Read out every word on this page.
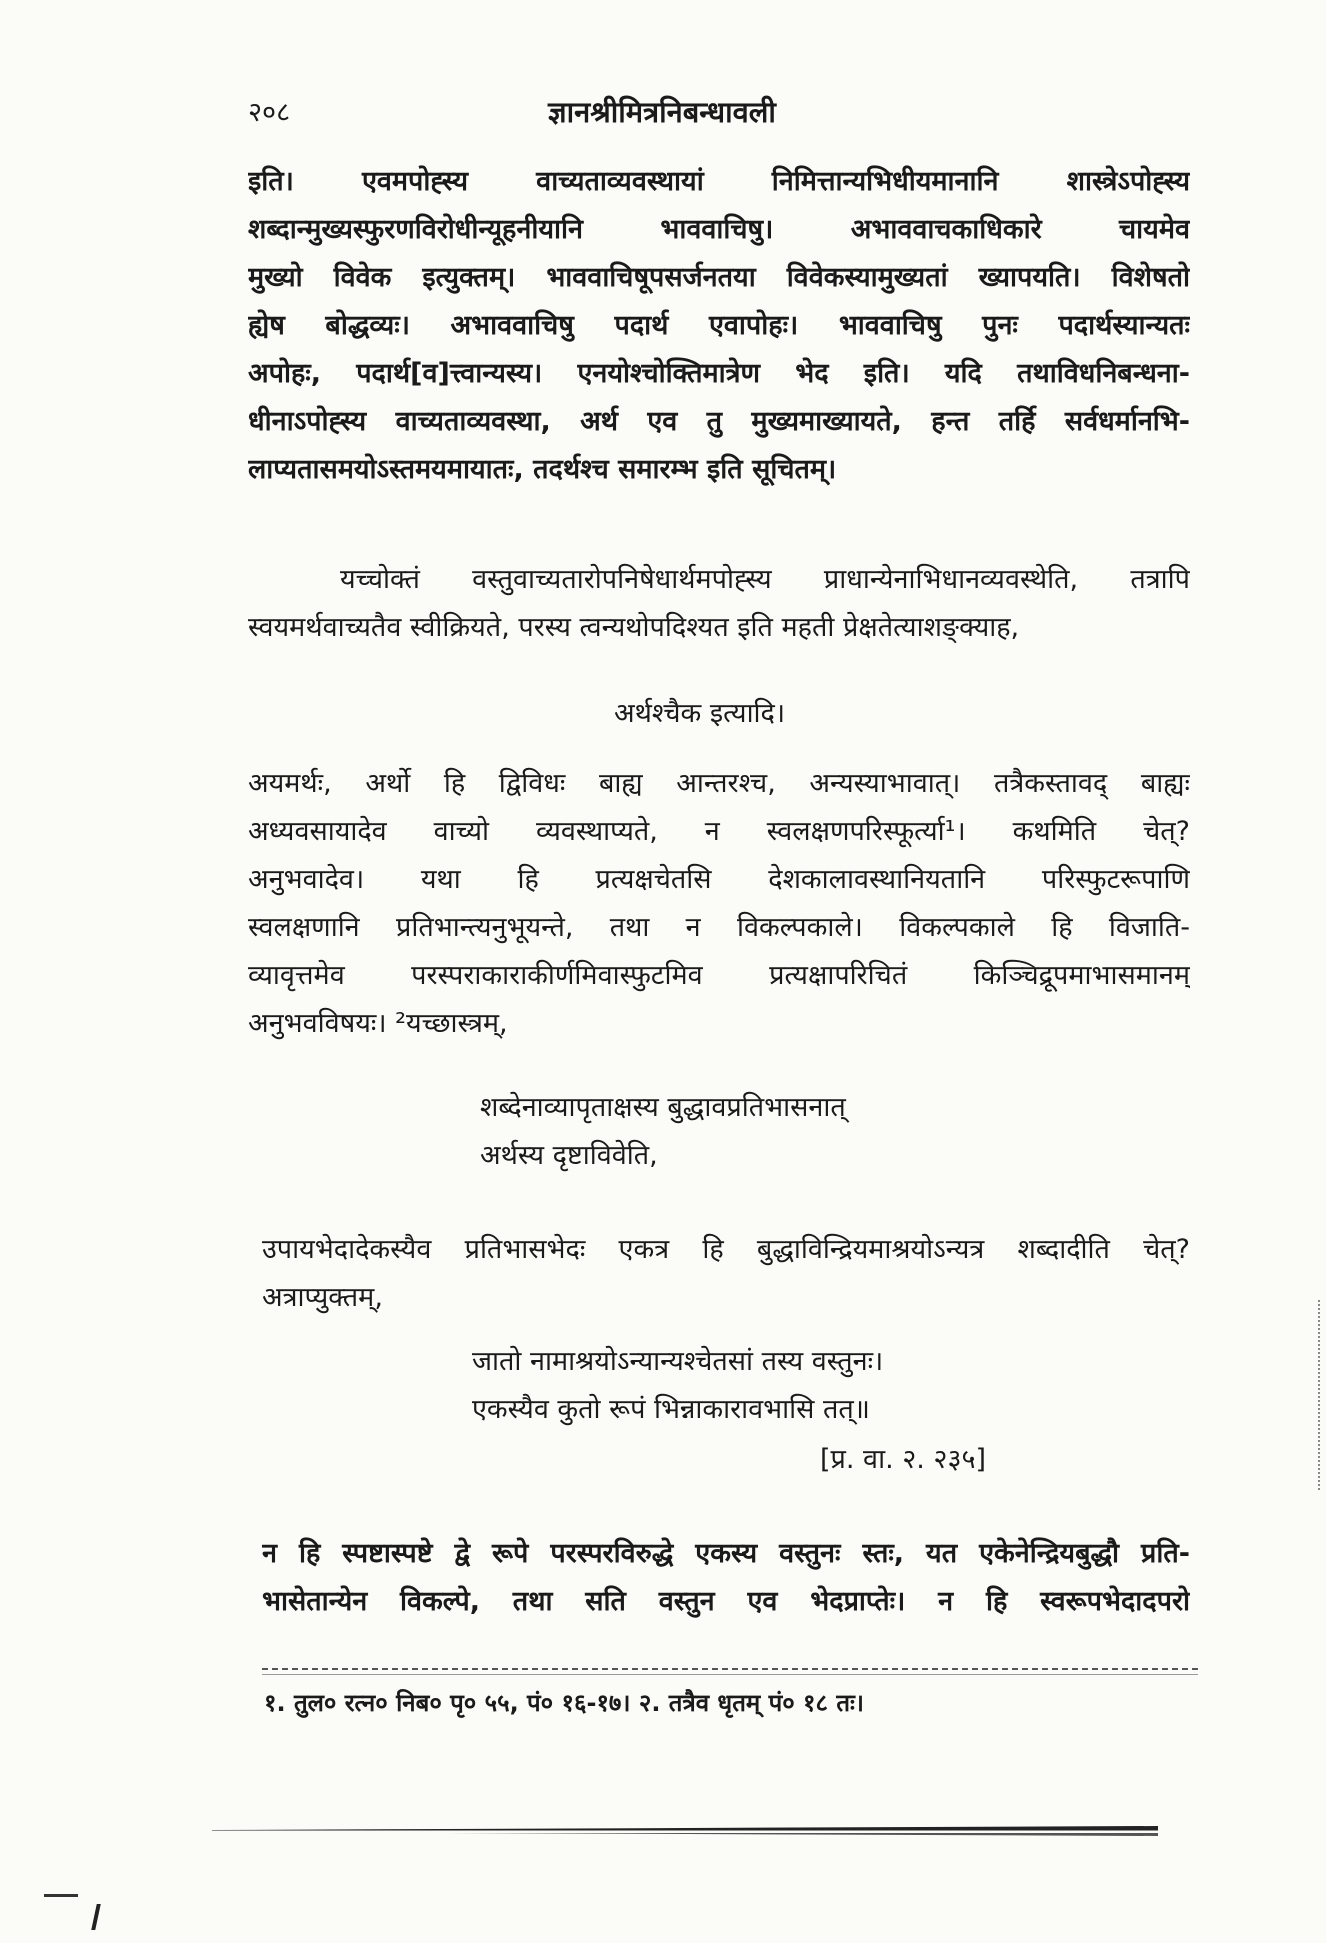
२०८	ज्ञानश्रीमित्रनिबन्धावली
इति। एवमपोह्स्य वाच्यताव्यवस्थायां निमित्तान्यभिधीयमानानि शास्त्रेऽपोह्स्य
शब्दान्मुख्यस्फुरणविरोधीन्यूहनीयानि भाववाचिषु। अभाववाचकाधिकारे चायमेव
मुख्यो विवेक इत्युक्तम्। भाववाचिषूपसर्जनतया विवेकस्यामुख्यतां ख्यापयति। विशेषतो
ह्येष बोद्धव्यः। अभाववाचिषु पदार्थ एवापोहः। भाववाचिषु पुनः पदार्थस्यान्यतः
अपोहः, पदार्थ[व]त्त्वान्यस्य। एनयोश्चोक्तिमात्रेण भेद इति। यदि तथाविधनिबन्धना-
धीनाऽपोह्स्य वाच्यताव्यवस्था, अर्थ एव तु मुख्यमाख्यायते, हन्त तर्हि सर्वधर्मानभि-
लाप्यतासमयोऽस्तमयमायातः, तदर्थश्च समारम्भ इति सूचितम्।
यच्चोक्तं वस्तुवाच्यतारोपनिषेधार्थमपोह्स्य प्राधान्येनाभिधानव्यवस्थेति, तत्रापि
स्वयमर्थवाच्यतैव स्वीक्रियते, परस्य त्वन्यथोपदिश्यत इति महती प्रेक्षतेत्याशङ्क्याह,
अर्थश्चैक इत्यादि।
अयमर्थः, अर्थो हि द्विविधः बाह्य आन्तरश्च, अन्यस्याभावात्। तत्रैकस्तावद् बाह्यः
अध्यवसायादेव वाच्यो व्यवस्थाप्यते, न स्वलक्षणपरिस्फूर्त्या¹। कथमिति चेत्?
अनुभवादेव। यथा हि प्रत्यक्षचेतसि देशकालावस्थानियतानि परिस्फुटरूपाणि
स्वलक्षणानि प्रतिभान्त्यनुभूयन्ते, तथा न विकल्पकाले। विकल्पकाले हि विजाति-
व्यावृत्तमेव परस्पराकाराकीर्णमिवास्फुटमिव प्रत्यक्षापरिचितं किञ्चिद्रूपमाभासमानम्
अनुभवविषयः। ²यच्छास्त्रम्,
शब्देनाव्यापृताक्षस्य बुद्धावप्रतिभासनात्
अर्थस्य दृष्टाविवेति,
उपायभेदादेकस्यैव प्रतिभासभेदः एकत्र हि बुद्धाविन्द्रियमाश्रयोऽन्यत्र शब्दादीति चेत्?
अत्राप्युक्तम्,
जातो नामाश्रयोऽन्यान्यश्चेतसां तस्य वस्तुनः।
एकस्यैव कुतो रूपं भिन्नाकारावभासि तत्॥
[प्र. वा. २. २३५]
न हि स्पष्टास्पष्टे द्वे रूपे परस्परविरुद्धे एकस्य वस्तुनः स्तः, यत एकेनेन्द्रियबुद्धौ प्रति-
भासेतान्येन विकल्पे, तथा सति वस्तुन एव भेदप्राप्तेः। न हि स्वरूपभेदादपरो
१. तुल० रत्न० निब० पृ० ५५, पं० १६-१७। २. तत्रैव धृतम् पं० १८ तः।
